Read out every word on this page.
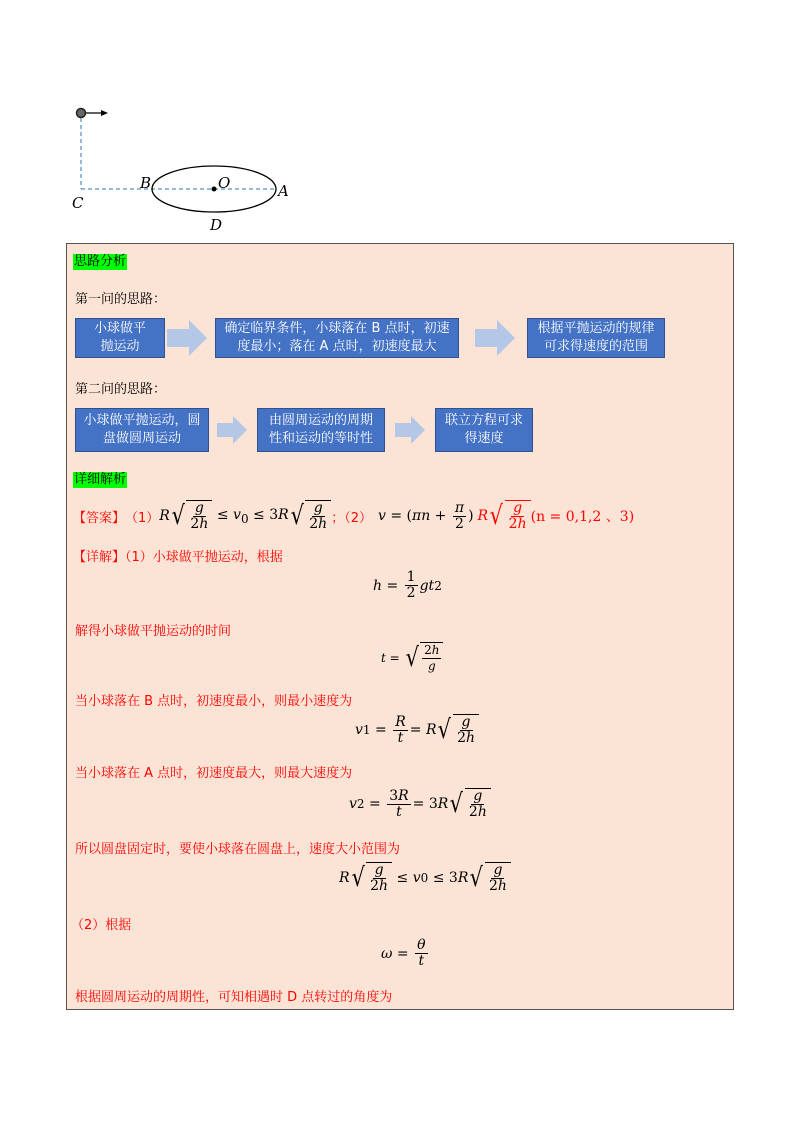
B	O	A
C
D
思路分析
第一问的思路：
小球做平
抛运动
确定临界条件，小球落在 B 点时，初速
度最小；落在 A 点时，初速度最大
根据平抛运动的规律
可求得速度的范围
第二问的思路：
小球做平抛运动，圆
盘做圆周运动
由圆周运动的周期
性和运动的等时性
联立方程可求
得速度
详细解析
【答案】 （1） R √ $\frac{g}{2h} \le v_0 \le 3R$ √ $\frac{g}{2h}$ ；（2） v = ( $\pi n + \frac{\pi}{2}$ ) R √ $\frac{g}{2h} (n = 0,1,2$ 、3)
【详解】（1）小球做平抛运动，根据
$h = \frac{1}{2}$ gt 2
解得小球做平抛运动的时间
t = √ $\frac{2h}{g}$
当小球落在 B 点时，初速度最小，则最小速度为
v $1 = \frac{R}{t} = R$ √ $\frac{g}{2h}$
当小球落在 A 点时，初速度最大，则最大速度为
v $2 = \frac{3R}{t} = 3$ R √ $\frac{g}{2h}$
所以圆盘固定时，要使小球落在圆盘上，速度大小范围为
R √ $\frac{g}{2h} \le v$ 0 ≤ 3 R √ $\frac{g}{2h}$
（2）根据
$\omega = \frac{\theta}{t}$
根据圆周运动的周期性，可知相遇时 D 点转过的角度为
